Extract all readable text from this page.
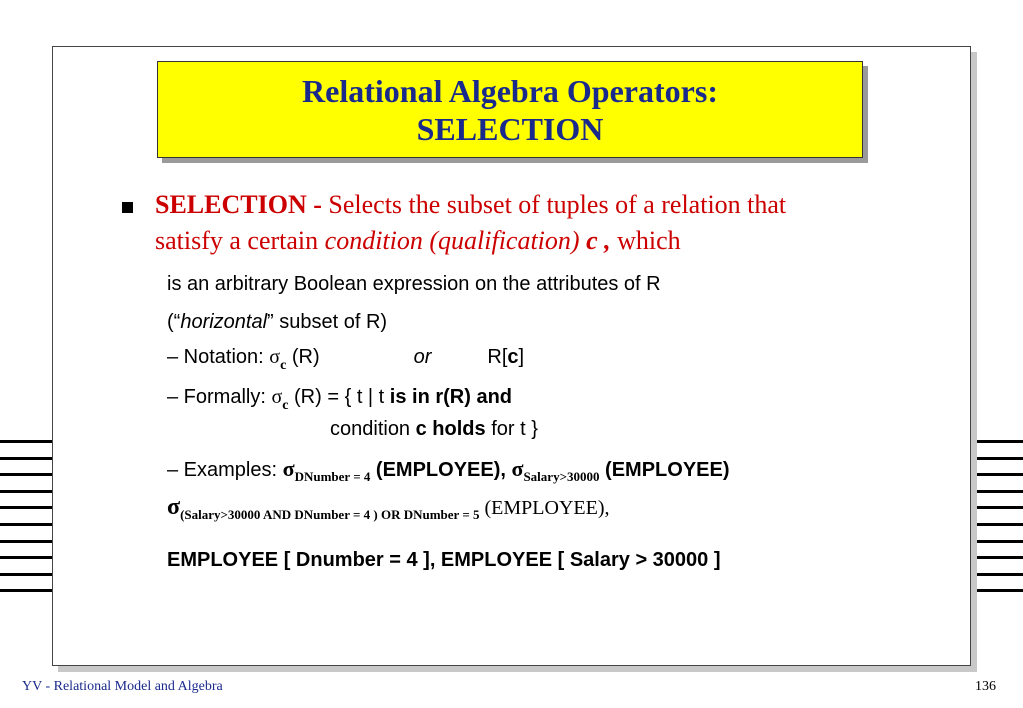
Relational Algebra Operators:
SELECTION
SELECTION - Selects the subset of tuples of a relation that
satisfy a certain condition (qualification) c , which
is an arbitrary Boolean expression on the attributes of R
(“horizontal” subset of R)
– Notation: $\sigma_c$ (R)	or	R[c]
– Formally: $\sigma_c$ (R) = { t | t is in r(R) and
condition c holds for t }
– Examples: $\sigma_{DNumber = 4}$ (EMPLOYEE), $\sigma_{Salary>30000}$ (EMPLOYEE)
$\sigma_{(Salary>30000 AND DNumber = 4 ) OR DNumber = 5}$ (EMPLOYEE),
EMPLOYEE [ Dnumber = 4 ], EMPLOYEE [ Salary > 30000 ]
YV - Relational Model and Algebra	136
